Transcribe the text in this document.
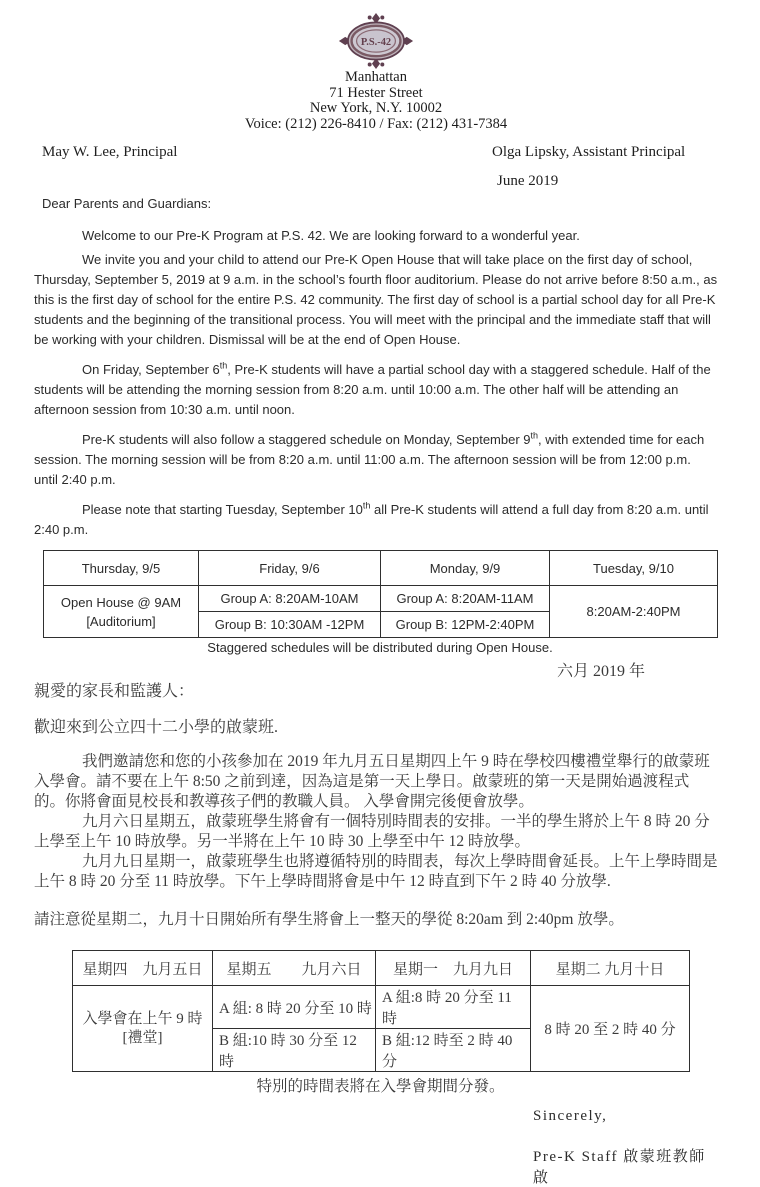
P.S.-42
Manhattan
71 Hester Street
New York, N.Y. 10002
Voice: (212) 226-8410 / Fax: (212) 431-7384
May W. Lee, Principal	Olga Lipsky, Assistant Principal
June 2019
Dear Parents and Guardians:

Welcome to our Pre-K Program at P.S. 42. We are looking forward to a wonderful year.

We invite you and your child to attend our Pre-K Open House that will take place on the first day of school, Thursday, September 5, 2019 at 9 a.m. in the school’s fourth floor auditorium. Please do not arrive before 8:50 a.m., as this is the first day of school for the entire P.S. 42 community. The first day of school is a partial school day for all Pre-K students and the beginning of the transitional process. You will meet with the principal and the immediate staff that will be working with your children. Dismissal will be at the end of Open House.

On Friday, September 6th, Pre-K students will have a partial school day with a staggered schedule. Half of the students will be attending the morning session from 8:20 a.m. until 10:00 a.m. The other half will be attending an afternoon session from 10:30 a.m. until noon.

Pre-K students will also follow a staggered schedule on Monday, September 9th, with extended time for each session. The morning session will be from 8:20 a.m. until 11:00 a.m. The afternoon session will be from 12:00 p.m. until 2:40 p.m.

Please note that starting Tuesday, September 10th all Pre-K students will attend a full day from 8:20 a.m. until 2:40 p.m.

Thursday, 9/5	Friday, 9/6	Monday, 9/9	Tuesday, 9/10

Open House @ 9AM
[Auditorium]	Group A: 8:20AM-10AM	Group A: 8:20AM-11AM	8:20AM-2:40PM
	Group B: 10:30AM -12PM	Group B: 12PM-2:40PM	
Staggered schedules will be distributed during Open House.
六月 2019 年
親愛的家長和監護人：
歡迎來到公立四十二小學的啟蒙班.

我們邀請您和您的小孩參加在 2019 年九月五日星期四上午 9 時在學校四樓禮堂舉行的啟蒙班入學會。請不要在上午 8:50 之前到達，因為這是第一天上學日。啟蒙班的第一天是開始過渡程式的。你將會面見校長和教導孩子們的教職人員。 入學會開完後便會放學。

九月六日星期五，啟蒙班學生將會有一個特別時間表的安排。一半的學生將於上午 8 時 20 分上學至上午 10 時放學。另一半將在上午 10 時 30 上學至中午 12 時放學。

九月九日星期一，啟蒙班學生也將遵循特別的時間表，每次上學時間會延長。上午上學時間是上午 8 時 20 分至 11 時放學。下午上學時間將會是中午 12 時直到下午 2 時 40 分放學.

請注意從星期二，九月十日開始所有學生將會上一整天的學從 8:20am 到 2:40pm 放學。

星期四　九月五日	星期五　　九月六日	星期一　九月九日	星期二 九月十日

入學會在上午 9 時
[禮堂]	A 組: 8 時 20 分至 10 時	A 組:8 時 20 分至 11 時	8 時 20 至 2 時 40 分
	B 組:10 時 30 分至 12 時	B 組:12 時至 2 時 40 分	
特別的時間表將在入學會期間分發。
Sincerely,
Pre-K Staff 啟蒙班教師啟
